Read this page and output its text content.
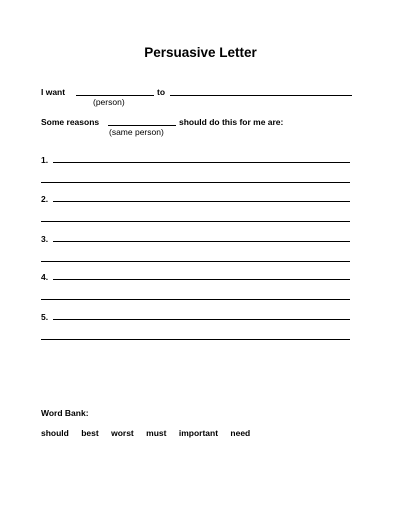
Persuasive Letter
I want	to
(person)
Some reasons	should do this for me are:
(same person)
1.
2.
3.
4.
5.
Word Bank:
should best worst must important need
